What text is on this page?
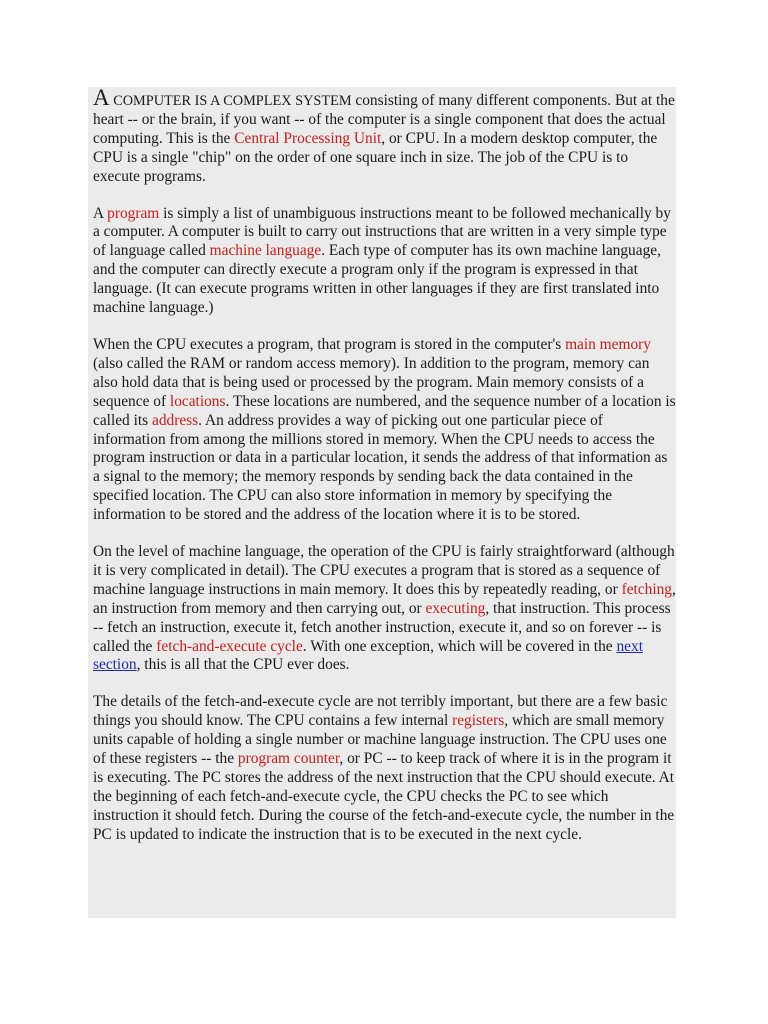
A COMPUTER IS A COMPLEX SYSTEM consisting of many different components. But at the heart -- or the brain, if you want -- of the computer is a single component that does the actual computing. This is the Central Processing Unit, or CPU. In a modern desktop computer, the CPU is a single "chip" on the order of one square inch in size. The job of the CPU is to execute programs.

A program is simply a list of unambiguous instructions meant to be followed mechanically by a computer. A computer is built to carry out instructions that are written in a very simple type of language called machine language. Each type of computer has its own machine language, and the computer can directly execute a program only if the program is expressed in that language. (It can execute programs written in other languages if they are first translated into machine language.)

When the CPU executes a program, that program is stored in the computer's main memory (also called the RAM or random access memory). In addition to the program, memory can also hold data that is being used or processed by the program. Main memory consists of a sequence of locations. These locations are numbered, and the sequence number of a location is called its address. An address provides a way of picking out one particular piece of information from among the millions stored in memory. When the CPU needs to access the program instruction or data in a particular location, it sends the address of that information as a signal to the memory; the memory responds by sending back the data contained in the specified location. The CPU can also store information in memory by specifying the information to be stored and the address of the location where it is to be stored.

On the level of machine language, the operation of the CPU is fairly straightforward (although it is very complicated in detail). The CPU executes a program that is stored as a sequence of machine language instructions in main memory. It does this by repeatedly reading, or fetching, an instruction from memory and then carrying out, or executing, that instruction. This process -- fetch an instruction, execute it, fetch another instruction, execute it, and so on forever -- is called the fetch-and-execute cycle. With one exception, which will be covered in the next section, this is all that the CPU ever does.

The details of the fetch-and-execute cycle are not terribly important, but there are a few basic things you should know. The CPU contains a few internal registers, which are small memory units capable of holding a single number or machine language instruction. The CPU uses one of these registers -- the program counter, or PC -- to keep track of where it is in the program it is executing. The PC stores the address of the next instruction that the CPU should execute. At the beginning of each fetch-and-execute cycle, the CPU checks the PC to see which instruction it should fetch. During the course of the fetch-and-execute cycle, the number in the PC is updated to indicate the instruction that is to be executed in the next cycle.
